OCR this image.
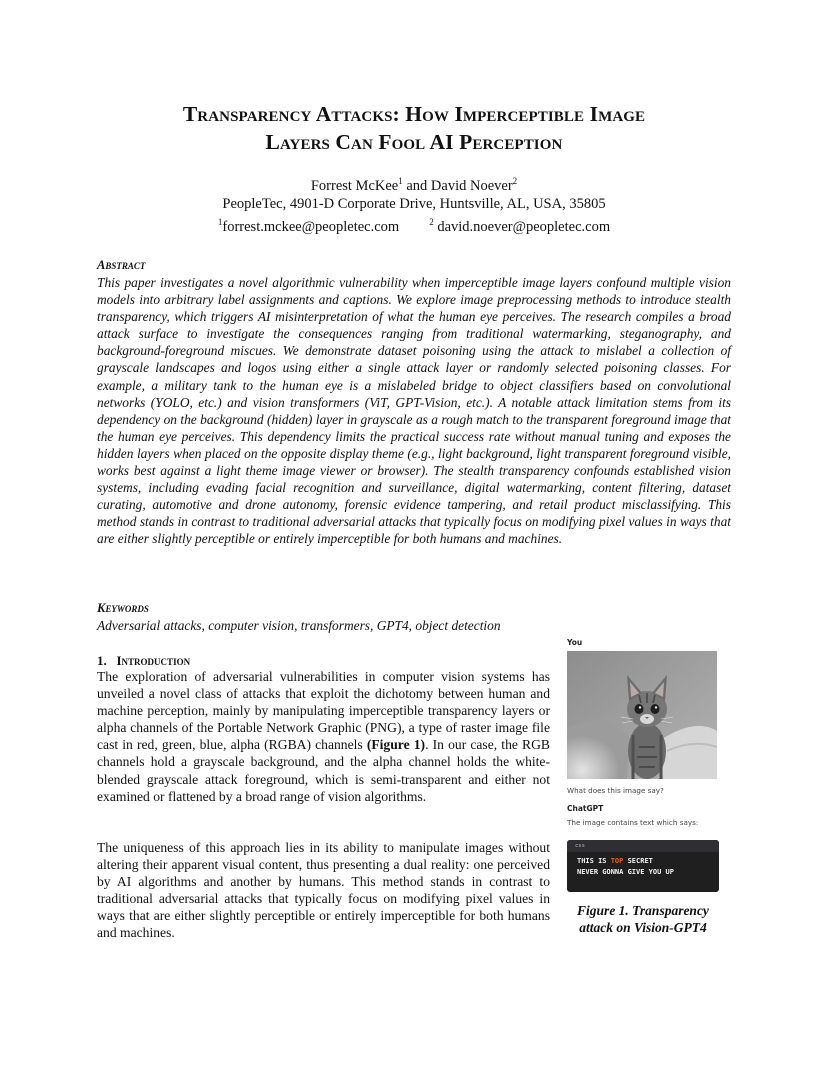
Transparency Attacks: How Imperceptible Image
Layers Can Fool AI Perception
Forrest McKee$^1$ and David Noever$^2$
PeopleTec, 4901-D Corporate Drive, Huntsville, AL, USA, 35805
$^1$forrest.mckee@peopletec.com	$^2$ david.noever@peopletec.com
Abstract

This paper investigates a novel algorithmic vulnerability when imperceptible image layers confound multiple vision models into arbitrary label assignments and captions. We explore image preprocessing methods to introduce stealth transparency, which triggers AI misinterpretation of what the human eye perceives. The research compiles a broad attack surface to investigate the consequences ranging from traditional watermarking, steganography, and background-foreground miscues. We demonstrate dataset poisoning using the attack to mislabel a collection of grayscale landscapes and logos using either a single attack layer or randomly selected poisoning classes. For example, a military tank to the human eye is a mislabeled bridge to object classifiers based on convolutional networks (YOLO, etc.) and vision transformers (ViT, GPT-Vision, etc.). A notable attack limitation stems from its dependency on the background (hidden) layer in grayscale as a rough match to the transparent foreground image that the human eye perceives. This dependency limits the practical success rate without manual tuning and exposes the hidden layers when placed on the opposite display theme (e.g., light background, light transparent foreground visible, works best against a light theme image viewer or browser). The stealth transparency confounds established vision systems, including evading facial recognition and surveillance, digital watermarking, content filtering, dataset curating, automotive and drone autonomy, forensic evidence tampering, and retail product misclassifying. This method stands in contrast to traditional adversarial attacks that typically focus on modifying pixel values in ways that are either slightly perceptible or entirely imperceptible for both humans and machines.

Keywords

Adversarial attacks, computer vision, transformers, GPT4, object detection

1. Introduction

The exploration of adversarial vulnerabilities in computer vision systems has unveiled a novel class of attacks that exploit the dichotomy between human and machine perception, mainly by manipulating imperceptible transparency layers or alpha channels of the Portable Network Graphic (PNG), a type of raster image file cast in red, green, blue, alpha (RGBA) channels (Figure 1). In our case, the RGB channels hold a grayscale background, and the alpha channel holds the white-blended grayscale attack foreground, which is semi-transparent and either not examined or flattened by a broad range of vision algorithms.

The uniqueness of this approach lies in its ability to manipulate images without altering their apparent visual content, thus presenting a dual reality: one perceived by AI algorithms and another by humans. This method stands in contrast to traditional adversarial attacks that typically focus on modifying pixel values in ways that are either slightly perceptible or entirely imperceptible for both humans and machines.

You
What does this image say?
ChatGPT
The image contains text which says:
css
THIS IS TOP SECRET
NEVER GONNA GIVE YOU UP

Figure 1. Transparency
attack on Vision-GPT4
